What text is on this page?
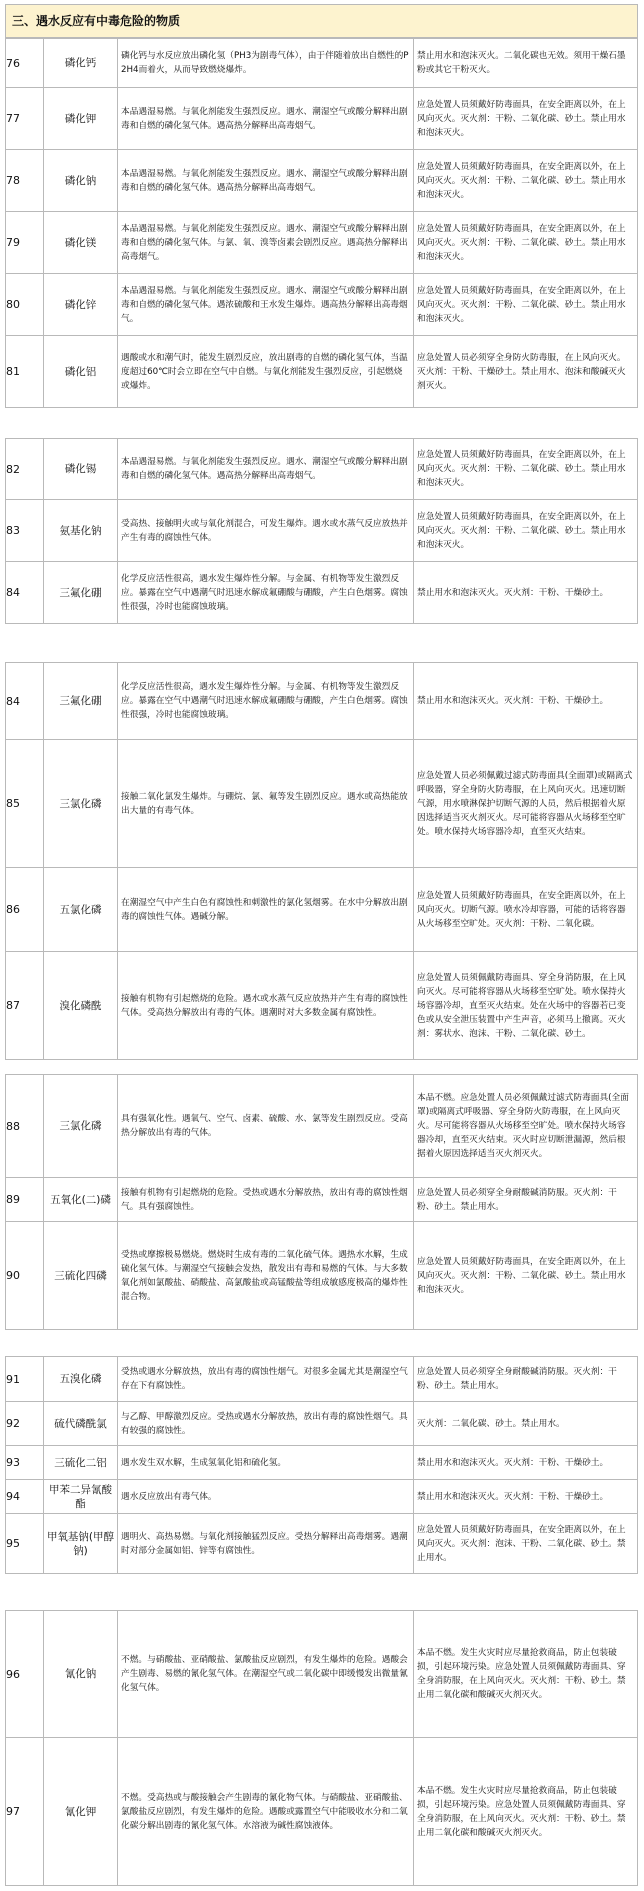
三、遇水反应有中毒危险的物质
76	磷化钙
磷化钙与水反应放出磷化氢（PH3为剧毒气体），由于伴随着放出自燃性的P2H4而着火，从而导致燃烧爆炸。
禁止用水和泡沫灭火。二氧化碳也无效。须用干燥石墨粉或其它干粉灭火。
77	磷化钾
本品遇湿易燃。与氧化剂能发生强烈反应。遇水、潮湿空气或酸分解释出剧毒和自燃的磷化氢气体。遇高热分解释出高毒烟气。
应急处置人员须戴好防毒面具，在安全距离以外，在上风向灭火。灭火剂：干粉、二氧化碳、砂土。禁止用水和泡沫灭火。
78	磷化钠
本品遇湿易燃。与氧化剂能发生强烈反应。遇水、潮湿空气或酸分解释出剧毒和自燃的磷化氢气体。遇高热分解释出高毒烟气。
应急处置人员须戴好防毒面具，在安全距离以外，在上风向灭火。灭火剂：干粉、二氧化碳、砂土。禁止用水和泡沫灭火。
79	磷化镁
本品遇湿易燃。与氧化剂能发生强烈反应。遇水、潮湿空气或酸分解释出剧毒和自燃的磷化氢气体。与氯、氧、溴等卤素会剧烈反应。遇高热分解释出高毒烟气。
应急处置人员须戴好防毒面具，在安全距离以外，在上风向灭火。灭火剂：干粉、二氧化碳、砂土。禁止用水和泡沫灭火。
80	磷化锌
本品遇湿易燃。与氧化剂能发生强烈反应。遇水、潮湿空气或酸分解释出剧毒和自燃的磷化氢气体。遇浓硫酸和王水发生爆炸。遇高热分解释出高毒烟气。
应急处置人员须戴好防毒面具，在安全距离以外，在上风向灭火。灭火剂：干粉、二氧化碳、砂土。禁止用水和泡沫灭火。
81	磷化铝
遇酸或水和潮气时，能发生剧烈反应，放出剧毒的自燃的磷化氢气体，当温度超过60℃时会立即在空气中自燃。与氧化剂能发生强烈反应，引起燃烧或爆炸。
应急处置人员必须穿全身防火防毒服，在上风向灭火。灭火剂：干粉、干燥砂土。禁止用水、泡沫和酸碱灭火剂灭火。
82	磷化锡
本品遇湿易燃。与氧化剂能发生强烈反应。遇水、潮湿空气或酸分解释出剧毒和自燃的磷化氢气体。遇高热分解释出高毒烟气。
应急处置人员须戴好防毒面具，在安全距离以外，在上风向灭火。灭火剂：干粉、二氧化碳、砂土。禁止用水和泡沫灭火。
83	氨基化钠
受高热、接触明火或与氧化剂混合，可发生爆炸。遇水或水蒸气反应放热并产生有毒的腐蚀性气体。
应急处置人员须戴好防毒面具，在安全距离以外，在上风向灭火。灭火剂：干粉、二氧化碳、砂土。禁止用水和泡沫灭火。
84	三氟化硼
化学反应活性很高，遇水发生爆炸性分解。与金属、有机物等发生激烈反应。暴露在空气中遇潮气时迅速水解成氟硼酸与硼酸，产生白色烟雾。腐蚀性很强，冷时也能腐蚀玻璃。
禁止用水和泡沫灭火。灭火剂：干粉、干燥砂土。
84	三氟化硼
化学反应活性很高，遇水发生爆炸性分解。与金属、有机物等发生激烈反应。暴露在空气中遇潮气时迅速水解成氟硼酸与硼酸，产生白色烟雾。腐蚀性很强，冷时也能腐蚀玻璃。
禁止用水和泡沫灭火。灭火剂：干粉、干燥砂土。
85	三氯化磷
接触二氧化氯发生爆炸。与硼烷、氯、氟等发生剧烈反应。遇水或高热能放出大量的有毒气体。
应急处置人员必须佩戴过滤式防毒面具(全面罩)或隔离式呼吸器，穿全身防火防毒服，在上风向灭火。迅速切断气源，用水喷淋保护切断气源的人员，然后根据着火原因选择适当灭火剂灭火。尽可能将容器从火场移至空旷处。喷水保持火场容器冷却，直至灭火结束。
86	五氯化磷
在潮湿空气中产生白色有腐蚀性和刺激性的氯化氢烟雾。在水中分解放出剧毒的腐蚀性气体。遇碱分解。
应急处置人员须戴好防毒面具，在安全距离以外，在上风向灭火。切断气源。喷水冷却容器，可能的话将容器从火场移至空旷处。灭火剂：干粉、二氧化碳。
87	溴化磷酰
接触有机物有引起燃烧的危险。遇水或水蒸气反应放热并产生有毒的腐蚀性气体。受高热分解放出有毒的气体。遇潮时对大多数金属有腐蚀性。
应急处置人员须佩戴防毒面具、穿全身消防服，在上风向灭火。尽可能将容器从火场移至空旷处。喷水保持火场容器冷却，直至灭火结束。处在火场中的容器若已变色或从安全泄压装置中产生声音，必须马上撤离。灭火剂：雾状水、泡沫、干粉、二氧化碳、砂土。
88	三氯化磷
具有强氧化性。遇氧气、空气、卤素、硫酸、水、氯等发生剧烈反应。受高热分解放出有毒的气体。
本品不燃。应急处置人员必须佩戴过滤式防毒面具(全面罩)或隔离式呼吸器、穿全身防火防毒服，在上风向灭火。尽可能将容器从火场移至空旷处。喷水保持火场容器冷却，直至灭火结束。灭火时应切断泄漏源，然后根据着火原因选择适当灭火剂灭火。
89	五氧化(二)磷
接触有机物有引起燃烧的危险。受热或遇水分解放热，放出有毒的腐蚀性烟气。具有强腐蚀性。
应急处置人员必须穿全身耐酸碱消防服。灭火剂：干粉、砂土。禁止用水。
90	三硫化四磷
受热或摩擦极易燃烧。燃烧时生成有毒的二氧化硫气体。遇热水水解，生成硫化氢气体。与潮湿空气接触会发热，散发出有毒和易燃的气体。与大多数氧化剂如氯酸盐、硝酸盐、高氯酸盐或高锰酸盐等组成敏感度极高的爆炸性混合物。
应急处置人员须戴好防毒面具，在安全距离以外，在上风向灭火。灭火剂：干粉、二氧化碳、砂土。禁止用水和泡沫灭火。
91	五溴化磷
受热或遇水分解放热，放出有毒的腐蚀性烟气。对很多金属尤其是潮湿空气存在下有腐蚀性。
应急处置人员必须穿全身耐酸碱消防服。灭火剂：干粉、砂土。禁止用水。
92	硫代磷酰氯
与乙醇、甲醇激烈反应。受热或遇水分解放热，放出有毒的腐蚀性烟气。具有较强的腐蚀性。
灭火剂：二氧化碳、砂土。禁止用水。
93	三硫化二铝	遇水发生双水解，生成氢氧化铝和硫化氢。	禁止用水和泡沫灭火。灭火剂：干粉、干燥砂土。
94
甲苯二异氰酸酯
遇水反应放出有毒气体。	禁止用水和泡沫灭火。灭火剂：干粉、干燥砂土。
95
甲氧基钠(甲醇钠)
遇明火、高热易燃。与氧化剂接触猛烈反应。受热分解释出高毒烟雾。遇潮时对部分金属如铝、锌等有腐蚀性。
应急处置人员须戴好防毒面具，在安全距离以外，在上风向灭火。灭火剂：泡沫、干粉、二氧化碳、砂土。禁止用水。
96	氰化钠
不燃。与硝酸盐、亚硝酸盐、氯酸盐反应剧烈，有发生爆炸的危险。遇酸会产生剧毒、易燃的氰化氢气体。在潮湿空气或二氧化碳中即缓慢发出微量氰化氢气体。
本品不燃。发生火灾时应尽量抢救商品，防止包装破损，引起环境污染。应急处置人员须佩戴防毒面具、穿全身消防服，在上风向灭火。灭火剂：干粉、砂土。禁止用二氧化碳和酸碱灭火剂灭火。
97	氰化钾
不燃。受高热或与酸接触会产生剧毒的氰化物气体。与硝酸盐、亚硝酸盐、氯酸盐反应剧烈，有发生爆炸的危险。遇酸或露置空气中能吸收水分和二氧化碳分解出剧毒的氰化氢气体。水溶液为碱性腐蚀液体。
本品不燃。发生火灾时应尽量抢救商品，防止包装破损，引起环境污染。应急处置人员须佩戴防毒面具、穿全身消防服，在上风向灭火。灭火剂：干粉、砂土。禁止用二氧化碳和酸碱灭火剂灭火。
